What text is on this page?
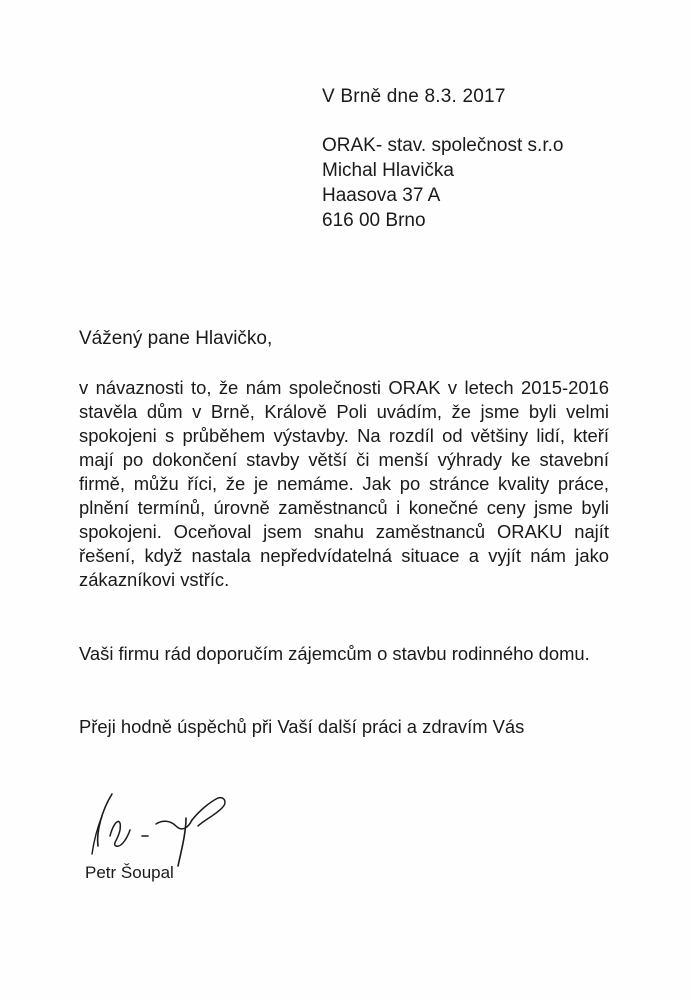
V Brně dne 8.3. 2017
ORAK- stav. společnost s.r.o
Michal Hlavička
Haasova 37 A
616 00 Brno
Vážený pane Hlavičko,
v návaznosti to, že nám společnosti ORAK v letech 2015-2016 stavěla dům v Brně, Králově Poli uvádím, že jsme byli velmi spokojeni s průběhem výstavby. Na rozdíl od většiny lidí, kteří mají po dokončení stavby větší či menší výhrady ke stavební firmě, můžu říci, že je nemáme. Jak po stránce kvality práce, plnění termínů, úrovně zaměstnanců i konečné ceny jsme byli spokojeni. Oceňoval jsem snahu zaměstnanců ORAKU najít řešení, když nastala nepředvídatelná situace a vyjít nám jako zákazníkovi vstříc.
Vaši firmu rád doporučím zájemcům o stavbu rodinného domu.
Přeji hodně úspěchů při Vaší další práci a zdravím Vás
Petr Šoupal
